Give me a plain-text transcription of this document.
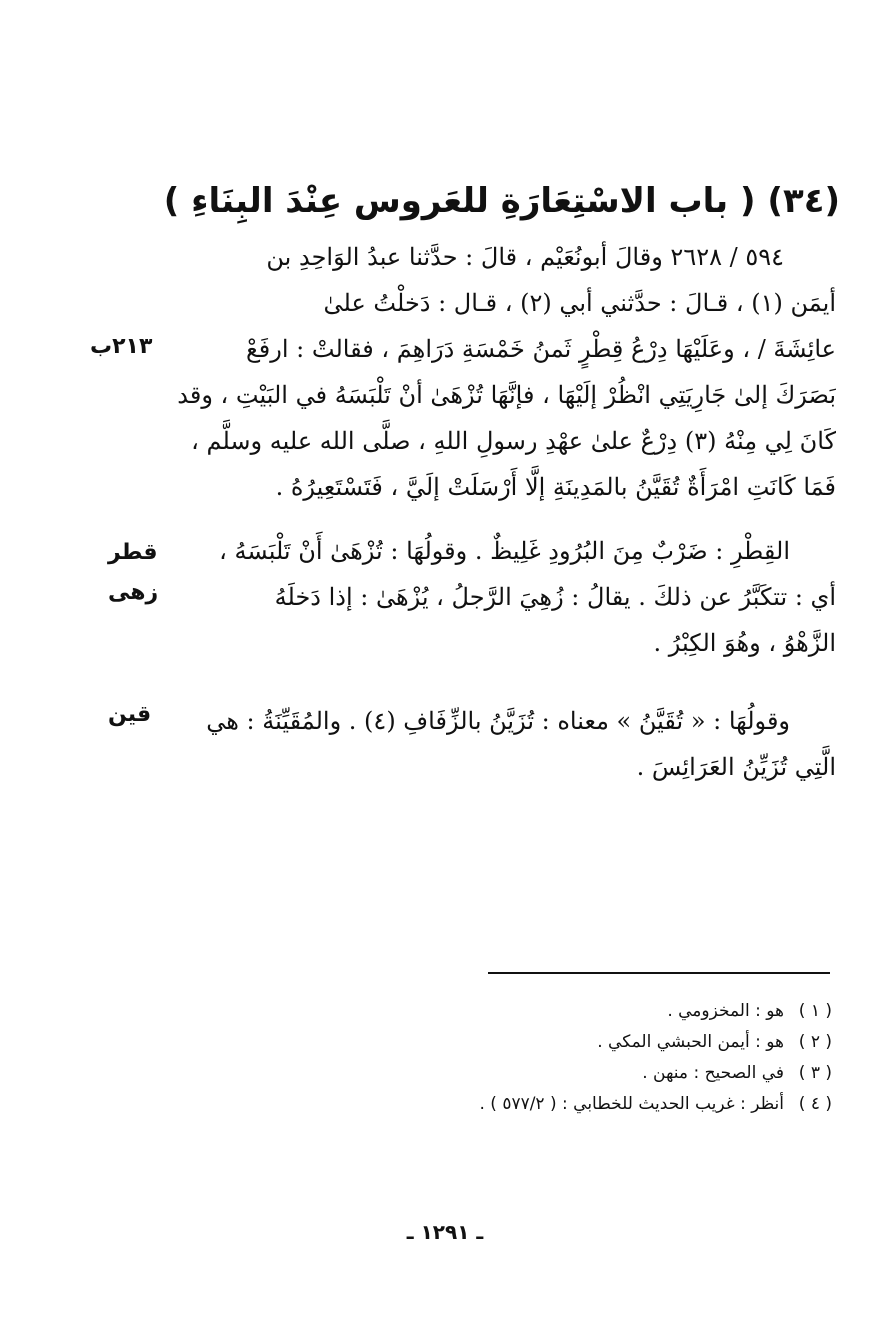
(٣٤) ( باب الاسْتِعَارَةِ للعَروس عِنْدَ البِنَاءِ )
٥٩٤ / ٢٦٢٨ وقالَ أبونُعَيْم ، قالَ : حدَّثنا عبدُ الوَاحِدِ بن
أيمَن (١) ، قـالَ : حدَّثني أبي (٢) ، قـال : دَخلْتُ علىٰ
عائِشَةَ / ، وعَلَيْهَا دِرْعُ قِطْرٍ ثَمنُ خَمْسَةِ دَرَاهِمَ ، فقالتْ : ارفَعْ
بَصَرَكَ إلىٰ جَارِيَتِي انْظُرْ إلَيْهَا ، فإنَّهَا تُزْهَىٰ أنْ تَلْبَسَهُ في البَيْتِ ، وقد
كَانَ لِي مِنْهُ (٣) دِرْعٌ علىٰ عهْدِ رسولِ اللهِ ، صلَّى الله عليه وسلَّم ،
فَمَا كَانَتِ امْرَأَةٌ تُقَيَّنُ بالمَدِينَةِ إلَّا أَرْسَلَتْ إلَيَّ ، فَتَسْتَعِيرُهُ .
القِطْرِ : ضَرْبٌ مِنَ البُرُودِ غَلِيظٌ . وقولُهَا : تُزْهَىٰ أَنْ تَلْبَسَهُ ،
أي : تتكَبَّرُ عن ذلكَ . يقالُ : زُهِيَ الرَّجلُ ، يُزْهَىٰ : إذا دَخلَهُ
الزَّهْوُ ، وهُوَ الكِبْرُ .
وقولُهَا : « تُقَيَّنُ » معناه : تُزَيَّنُ بالزِّفَافِ (٤) . والمُقَيِّنَةُ : هي
الَّتِي تُزَيِّنُ العَرَائِسَ .
٢١٣ب
قطر
زهى
قين
( ١ )هو : المخزومي .
( ٢ )هو : أيمن الحبشي المكي .
( ٣ )في الصحيح : منهن .
( ٤ )أنظر : غريب الحديث للخطابي : ( ٥٧٧/٢ ) .
ـ ١٢٩١ ـ
